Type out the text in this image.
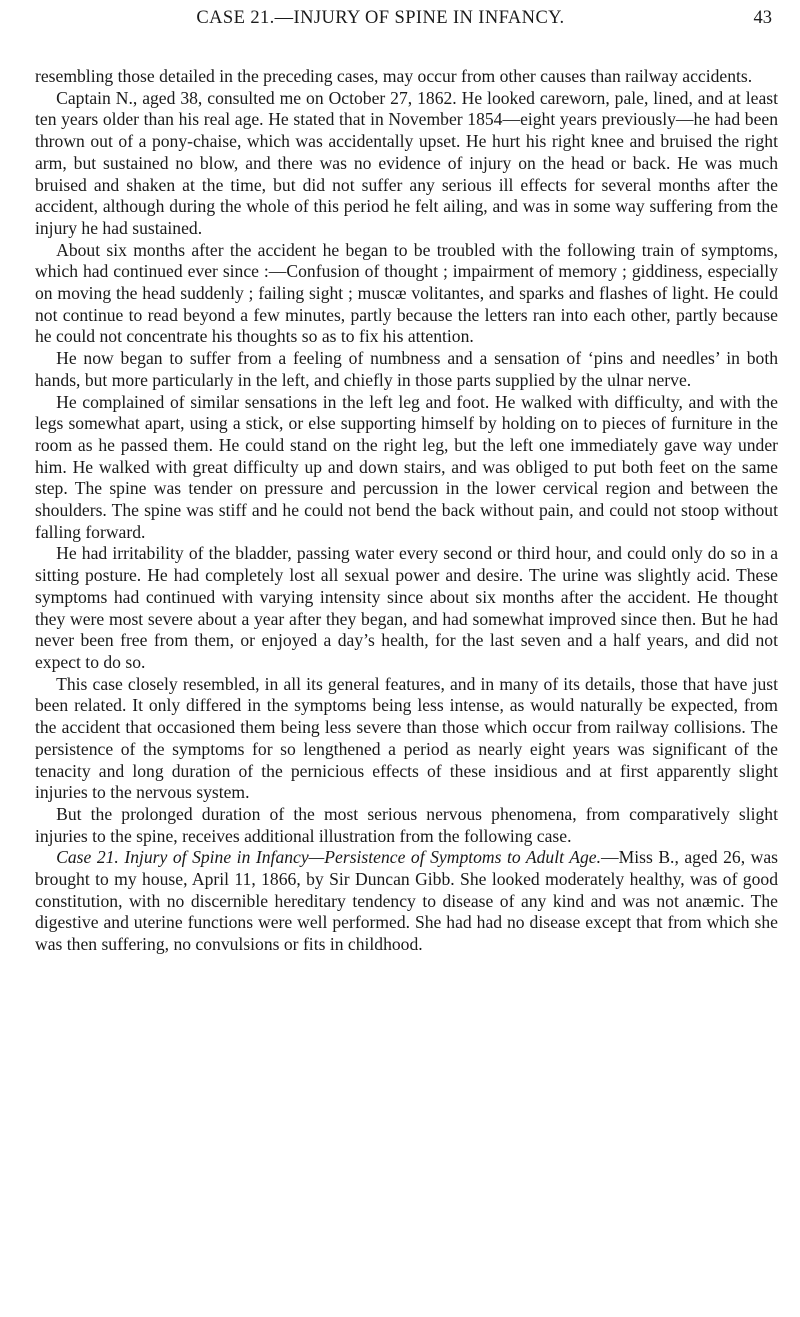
CASE 21.—INJURY OF SPINE IN INFANCY.	43

resembling those detailed in the preceding cases, may occur from other causes than railway accidents.

Captain N., aged 38, consulted me on October 27, 1862. He looked careworn, pale, lined, and at least ten years older than his real age. He stated that in November 1854—eight years previously—he had been thrown out of a pony-chaise, which was accidentally upset. He hurt his right knee and bruised the right arm, but sustained no blow, and there was no evidence of injury on the head or back. He was much bruised and shaken at the time, but did not suffer any serious ill effects for several months after the accident, although during the whole of this period he felt ailing, and was in some way suffering from the injury he had sustained.

About six months after the accident he began to be troubled with the following train of symptoms, which had continued ever since :—Confusion of thought ; impairment of memory ; giddiness, especially on moving the head suddenly ; failing sight ; muscæ volitantes, and sparks and flashes of light. He could not continue to read beyond a few minutes, partly because the letters ran into each other, partly because he could not concentrate his thoughts so as to fix his attention.

He now began to suffer from a feeling of numbness and a sensation of ‘pins and needles’ in both hands, but more particularly in the left, and chiefly in those parts supplied by the ulnar nerve.

He complained of similar sensations in the left leg and foot. He walked with difficulty, and with the legs somewhat apart, using a stick, or else supporting himself by holding on to pieces of furniture in the room as he passed them. He could stand on the right leg, but the left one immediately gave way under him. He walked with great difficulty up and down stairs, and was obliged to put both feet on the same step. The spine was tender on pressure and percussion in the lower cervical region and between the shoulders. The spine was stiff and he could not bend the back without pain, and could not stoop without falling forward.

He had irritability of the bladder, passing water every second or third hour, and could only do so in a sitting posture. He had completely lost all sexual power and desire. The urine was slightly acid. These symptoms had continued with varying intensity since about six months after the accident. He thought they were most severe about a year after they began, and had somewhat improved since then. But he had never been free from them, or enjoyed a day’s health, for the last seven and a half years, and did not expect to do so.

This case closely resembled, in all its general features, and in many of its details, those that have just been related. It only differed in the symptoms being less intense, as would naturally be expected, from the accident that occasioned them being less severe than those which occur from railway collisions. The persistence of the symptoms for so lengthened a period as nearly eight years was significant of the tenacity and long duration of the pernicious effects of these insidious and at first apparently slight injuries to the nervous system.

But the prolonged duration of the most serious nervous phenomena, from comparatively slight injuries to the spine, receives additional illustration from the following case.

Case 21. Injury of Spine in Infancy—Persistence of Symptoms to Adult Age.—Miss B., aged 26, was brought to my house, April 11, 1866, by Sir Duncan Gibb. She looked moderately healthy, was of good constitution, with no discernible hereditary tendency to disease of any kind and was not anæmic. The digestive and uterine functions were well performed. She had had no disease except that from which she was then suffering, no convulsions or fits in childhood.
